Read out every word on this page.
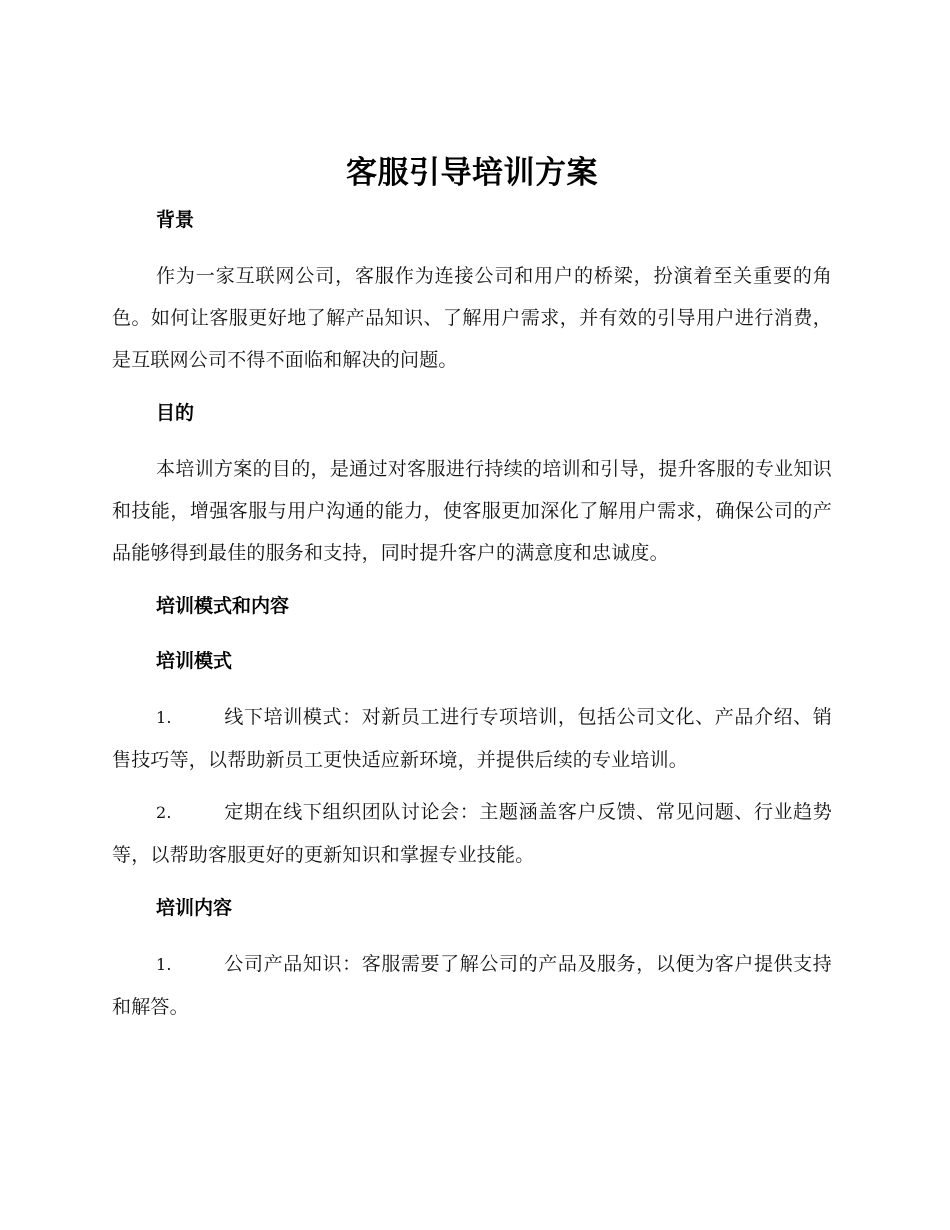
客服引导培训方案
背景

作为一家互联网公司，客服作为连接公司和用户的桥梁，扮演着至关重要的角色。如何让客服更好地了解产品知识、了解用户需求，并有效的引导用户进行消费，是互联网公司不得不面临和解决的问题。

目的

本培训方案的目的，是通过对客服进行持续的培训和引导，提升客服的专业知识和技能，增强客服与用户沟通的能力，使客服更加深化了解用户需求，确保公司的产品能够得到最佳的服务和支持，同时提升客户的满意度和忠诚度。

培训模式和内容
培训模式

1.	线下培训模式：对新员工进行专项培训，包括公司文化、产品介绍、销售技巧等，以帮助新员工更快适应新环境，并提供后续的专业培训。

2.	定期在线下组织团队讨论会：主题涵盖客户反馈、常见问题、行业趋势等，以帮助客服更好的更新知识和掌握专业技能。

培训内容

1.	公司产品知识：客服需要了解公司的产品及服务，以便为客户提供支持和解答。
